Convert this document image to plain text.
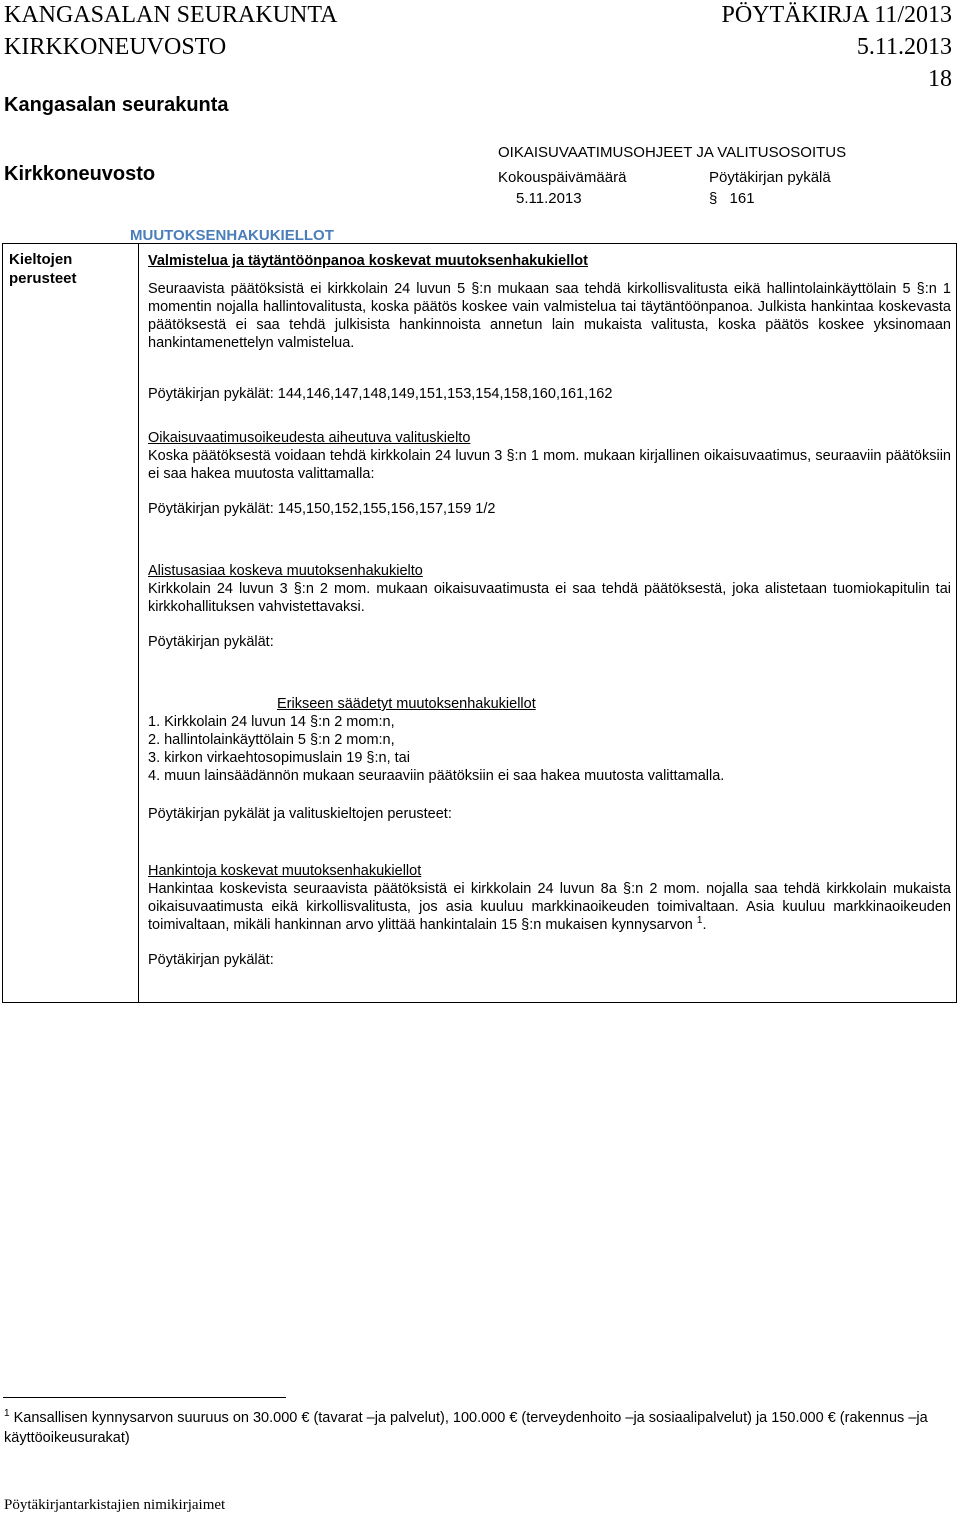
KANGASALAN SEURAKUNTA
KIRKKONEUVOSTO
PÖYTÄKIRJA 11/2013
5.11.2013
18
Kangasalan seurakunta
Kirkkoneuvosto
OIKAISUVAATIMUSOHJEET JA VALITUSOSOITUS
Kokouspäivämäärä
5.11.2013
Pöytäkirjan pykälä
§ 161
MUUTOKSENHAKUKIELLOT
Kieltojen
perusteet
Valmistelua ja täytäntöönpanoa koskevat muutoksenhakukiellot
Seuraavista päätöksistä ei kirkkolain 24 luvun 5 §:n mukaan saa tehdä kirkollisvalitusta eikä hallintolainkäyttölain 5 §:n 1 momentin nojalla hallintovalitusta, koska päätös koskee vain valmistelua tai täytäntöönpanoa. Julkista hankintaa koskevasta päätöksestä ei saa tehdä julkisista hankinnoista annetun lain mukaista valitusta, koska päätös koskee yksinomaan hankintamenettelyn valmistelua.
Pöytäkirjan pykälät: 144,146,147,148,149,151,153,154,158,160,161,162
Oikaisuvaatimusoikeudesta aiheutuva valituskielto
Koska päätöksestä voidaan tehdä kirkkolain 24 luvun 3 §:n 1 mom. mukaan kirjallinen oikaisuvaatimus, seuraaviin päätöksiin ei saa hakea muutosta valittamalla:
Pöytäkirjan pykälät: 145,150,152,155,156,157,159 1/2
Alistusasiaa koskeva muutoksenhakukielto
Kirkkolain 24 luvun 3 §:n 2 mom. mukaan oikaisuvaatimusta ei saa tehdä päätöksestä, joka alistetaan tuomiokapitulin tai kirkkohallituksen vahvistettavaksi.
Pöytäkirjan pykälät:
Erikseen säädetyt muutoksenhakukiellot
1. Kirkkolain 24 luvun 14 §:n 2 mom:n,
2. hallintolainkäyttölain 5 §:n 2 mom:n,
3. kirkon virkaehtosopimuslain 19 §:n, tai
4. muun lainsäädännön mukaan seuraaviin päätöksiin ei saa hakea muutosta valittamalla.
Pöytäkirjan pykälät ja valituskieltojen perusteet:
Hankintoja koskevat muutoksenhakukiellot
Hankintaa koskevista seuraavista päätöksistä ei kirkkolain 24 luvun 8a §:n 2 mom. nojalla saa tehdä kirkkolain mukaista oikaisuvaatimusta eikä kirkollisvalitusta, jos asia kuuluu markkinaoikeuden toimivaltaan. Asia kuuluu markkinaoikeuden toimivaltaan, mikäli hankinnan arvo ylittää hankintalain 15 §:n mukaisen kynnysarvon $^1$.
Pöytäkirjan pykälät:
$^1$ Kansallisen kynnysarvon suuruus on 30.000 € (tavarat –ja palvelut), 100.000 € (terveydenhoito –ja sosiaalipalvelut) ja 150.000 € (rakennus –ja käyttöoikeusurakat)
Pöytäkirjantarkistajien nimikirjaimet
